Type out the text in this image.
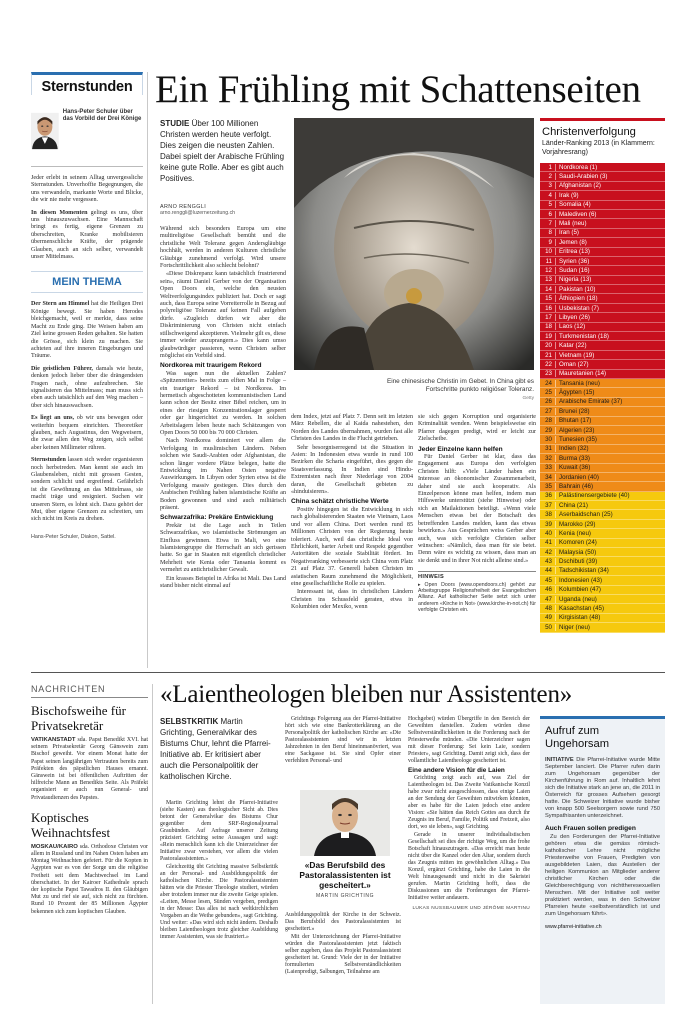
Sternstunden
Hans-Peter Schuler über das Vorbild der Drei Könige

Jeder erlebt in seinem Alltag unvergessliche Sternstunden. Unverhoffte Begegnungen, die uns verwandeln, markante Worte und Blicke, die wir nie mehr vergessen.

In diesen Momenten gelingt es uns, über uns hinauszuwachsen. Eine Mannschaft bringt es fertig, eigene Grenzen zu überschreiten, Kranke mobilisieren übermenschliche Kräfte, der prägende Glauben, auch an sich selber, verwandelt unser Mittelmass.

MEIN THEMA

Der Stern am Himmel hat die Heiligen Drei Könige bewegt. Sie haben Herodes bleichgemacht, weil er merkte, dass seine Macht zu Ende ging. Die Weisen haben am Ziel keine grossen Reden gehalten. Sie hatten die Grösse, sich klein zu machen. Sie achteten auf ihre inneren Eingebungen und Träume.

Die geistlichen Führer, damals wie heute, denken jedoch lieber über die drängendsten Fragen nach, ohne aufzubrechen. Sie signalisieren das Mittelmass; man muss sich eben auch tatsächlich auf den Weg machen – über sich hinauswachsen.

Es liegt an uns, ob wir uns bewegen oder weiterhin bequem einrichten. Theoretiker glauben, nach Augustinus, den Wegweisern, die zwar allen den Weg zeigen, sich selbst aber keinen Millimeter rühren.

Sternstunden lassen sich weder organisieren noch herbeireden. Man kennt sie auch im Glaubensleben, nicht mit grossen Gesten, sondern schlicht und ergreifend. Gefährlich ist die Gewöhnung an das Mittelmass, sie macht träge und resigniert. Suchen wir unseren Stern, es lohnt sich. Dazu gehört der Mut, über eigene Grenzen zu schreiten, um sich nicht im Kreis zu drehen.

Hans-Peter Schuler, Diakon, Sattel.
Ein Frühling mit Schattenseiten
STUDIE Über 100 Millionen Christen werden heute verfolgt. Dies zeigen die neusten Zahlen. Dabei spielt der Arabische Frühling keine gute Rolle. Aber es gibt auch Positives.
ARNO RENGGLI
arno.renggli@luzernerzeitung.ch
Eine chinesische Christin im Gebet. In China gibt es Fortschritte punkto religiöser Toleranz.
Getty

Während sich besonders Europa um eine multireligiöse Gesellschaft bemüht und die christliche Welt Toleranz gegen Andersgläubige hochhält, werden in anderen Kulturen christliche Gläubige zunehmend verfolgt. Wird unsere Fortschrittlichkeit also schlecht belohnt?

«Diese Diskrepanz kann tatsächlich frustrierend sein», räumt Daniel Gerber von der Organisation Open Doors ein, welche den neusten Weltverfolgungsindex publiziert hat. Doch er sagt auch, dass Europa seine Vorreiterrolle in Bezug auf polyreligiöse Toleranz auf keinen Fall aufgeben dürfe. «Zugleich dürfen wir aber die Diskriminierung von Christen nicht einfach stillschweigend akzeptieren. Vielmehr gilt es, diese immer wieder anzuprangern.» Dies kann umso glaubwürdiger passieren, wenn Christen selber möglichst ein Vorbild sind.

Nordkorea mit traurigem Rekord

Was sagen nun die aktuellen Zahlen? «Spitzenreiter» bereits zum elften Mal in Folge – ein trauriger Rekord – ist Nordkorea. Im hermetisch abgeschotteten kommunistischen Land kann schon der Besitz einer Bibel reichen, um in eines der riesigen Konzentrationslager gesperrt oder gar hingerichtet zu werden. In solchen Arbeitslagern leben heute nach Schätzungen von Open Doors 50 000 bis 70 000 Christen.

Nach Nordkorea dominiert vor allem die Verfolgung in muslimischen Ländern. Neben solchen wie Saudi-Arabien oder Afghanistan, die schon länger vordere Plätze belegen, hatte die Entwicklung im Nahen Osten negative Auswirkungen. In Libyen oder Syrien etwa ist die Verfolgung massiv gestiegen. Dies durch den Arabischen Frühling haben islamistische Kräfte an Boden gewonnen und sind auch militärisch präsent.

Schwarzafrika: Prekäre Entwicklung

Prekär ist die Lage auch in Teilen Schwarzafrikas, wo islamistische Strömungen an Einfluss gewinnen. Etwa in Mali, wo eine Islamistengruppe die Herrschaft an sich gerissen hatte. So gar in Staaten mit eigentlich christlicher Mehrheit wie Kenia oder Tansania kommt es vermehrt zu antichristlicher Gewalt.

Ein krasses Beispiel in Afrika ist Mali. Das Land stand bisher nicht einmal auf

dem Index, jetzt auf Platz 7. Denn seit im letzten März Rebellen, die al Kaida nahestehen, den Norden des Landes übernahmen, wurden fast alle Christen des Landes in die Flucht getrieben.

Sehr besorgniserregend ist die Situation in Asien: In Indonesien etwa wurde in rund 100 Bezirken die Scharia eingeführt, dies gegen die Staatsverfassung. In Indien sind Hindu-Extremisten nach ihrer Niederlage von 2004 daran, die Gesellschaft gebieten zu «hinduisieren».

China schätzt christliche Werte

Positiv hingegen ist die Entwicklung in sich nach globalisierenden Staaten wie Vietnam, Laos und vor allem China. Dort werden rund 85 Millionen Christen von der Regierung heute toleriert. Auch, weil das christliche Ideal von Ehrlichkeit, harter Arbeit und Respekt gegenüber Autoritäten die soziale Stabilität fördert. Im Negativranking verbesserte sich China vom Platz 21 auf Platz 37. Generell haben Christen im asiatischen Raum zunehmend die Möglichkeit, eine gesellschaftliche Rolle zu spielen.

Interessant ist, dass in christlichen Ländern Christen ins Schussfeld geraten, etwa in Kolumbien oder Mexiko, wenn

sie sich gegen Korruption und organisierte Kriminalität wenden. Wenn beispielsweise ein Pfarrer dagegen predigt, wird er leicht zur Zielscheibe.

Jeder Einzelne kann helfen

Für Daniel Gerber ist klar, dass das Engagement aus Europa den verfolgten Christen hilft: «Viele Länder haben ein Interesse an ökonomischer Zusammenarbeit, daher sind sie auch kooperativ. Als Einzelperson könne man helfen, indem man Hilfswerke unterstützt (siehe Hinweise) oder sich an Mailaktionen beteiligt. «Wenn viele Menschen etwas bei der Botschaft des betreffenden Landes melden, kann das etwas bewirken.» Aus Gesprächen weiss Gerber aber auch, was sich verfolgte Christen selber wünschen: «Nämlich, dass man für sie betet. Denn wäre es wichtig zu wissen, dass man an sie denkt und in ihrer Not nicht alleine sind.»

HINWEIS
▸ Open Doors (www.opendoors.ch) gehört zur Arbeitsgruppe Religionsfreiheit der Evangelischen Allianz. Auf katholischer Seite setzt sich unter anderem «Kirche in Not» (www.kirche-in-not.ch) für verfolgte Christen ein.
Christenverfolgung
Länder-Ranking 2013 (in Klammern: Vorjahresrang)
1	Nordkorea (1)
2	Saudi-Arabien (3)
3	Afghanistan (2)
4	Irak (9)
5	Somalia (4)
6	Malediven (6)
7	Mali (neu)
8	Iran (5)
9	Jemen (8)
10	Eritrea (13)
11	Syrien (36)
12	Sudan (16)
13	Nigeria (13)
14	Pakistan (10)
15	Äthiopien (18)
16	Usbekistan (7)
17	Libyen (26)
18	Laos (12)
19	Turkmenistan (18)
20	Katar (22)
21	Vietnam (19)
22	Oman (27)
23	Mauretanien (14)
24	Tansania (neu)
25	Ägypten (15)
26	Arabische Emirate (37)
27	Brunei (28)
28	Bhutan (17)
29	Algerien (23)
30	Tunesien (35)
31	Indien (32)
32	Burma (33)
33	Kuwait (36)
34	Jordanien (40)
35	Bahrain (46)
36	Palästinensergebiete (40)
37	China (21)
38	Aserbaidschan (25)
39	Marokko (29)
40	Kenia (neu)
41	Komoren (24)
42	Malaysia (50)
43	Dschibuti (39)
44	Tadschikistan (34)
45	Indonesien (43)
46	Kolumbien (47)
47	Uganda (neu)
48	Kasachstan (45)
49	Kirgisistan (48)
50	Niger (neu)
NACHRICHTEN
Bischofsweihe für Privatsekretär
VATIKANSTADT sda. Papst Benedikt XVI. hat seinem Privatsekretär Georg Gänswein zum Bischof geweiht. Vor einem Monat hatte der Papst seinen langjährigen Vertrauten bereits zum Präfekten des päpstlichen Hauses ernannt. Gänswein ist bei öffentlichen Auftritten der hilfreiche Mann an Benedikts Seite. Als Präfekt organisiert er auch nun General- und Privataudienzen des Papstes.
Koptisches Weihnachtsfest
MOSKAU/KAIRO sda. Orthodoxe Christen vor allem in Russland und im Nahen Osten haben am Montag Weihnachten gefeiert. Für die Kopten in Ägypten war es von der Sorge um die religiöse Freiheit seit dem Machtwechsel im Land überschattet. In der Kairoer Kathedrale sprach der koptische Papst Tawadros II. den Gläubigen Mut zu und rief sie auf, sich nicht zu fürchten. Rund 10 Prozent der 85 Millionen Ägypter bekennen sich zum koptischen Glauben.
«Laientheologen bleiben nur Assistenten»
SELBSTKRITIK Martin Grichting, Generalvikar des Bistums Chur, lehnt die Pfarrei-Initiative ab. Er kritisiert aber auch die Personalpolitik der katholischen Kirche.

Martin Grichting lehnt die Pfarrei-Initiative (siehe Kasten) aus theologischer Sicht ab. Dies betont der Generalvikar des Bistums Chur gegenüber dem SRF-Regionaljournal Graubünden. Auf Anfrage unserer Zeitung präzisiert Grichting seine Aussagen und sagt: «Rein menschlich kann ich die Unterzeichner der Initiative zwar verstehen, vor allem die vielen Pastoralassistenten.»

Gleichzeitig übt Grichting massive Selbstkritik an der Personal- und Ausbildungspolitik der katholischen Kirche. Die Pastoralassistenten hätten wie die Priester Theologie studiert, würden aber trotzdem immer nur die zweite Geige spielen. «Leiten, Messe lesen, Sünden vergeben, predigen in der Messe: Das alles ist nach weltkirchlichen Vorgaben an die Weihe gebunden», sagt Grichting. Und weiter: «Das wird sich nicht ändern. Deshalb bleiben Laientheologen trotz gleicher Ausbildung immer Assistenten, was sie frustriert.»

Grichtings Folgerung aus der Pfarrei-Initiative hört sich wie eine Bankrotterklärung an die Personalpolitik der katholischen Kirche an: «Die Pastoralassistenten sind wir in letzten Jahrzehnten in den Beruf hineinmanövriert, was eine Sackgasse ist. Sie sind Opfer einer verfehlten Personal- und

«Das Berufsbild des Pastoralassistenten ist gescheitert.»
MARTIN GRICHTING

Ausbildungspolitik der Kirche in der Schweiz. Das Berufsbild des Pastoralassistenten ist gescheitert.»

Mit der Unterzeichnung der Pfarrei-Initiative würden die Pastoralassistenten jetzt faktisch selber zugeben, dass das Projekt Pastoralassistent gescheitert ist. Grund: Viele der in der Initiative formulierten Selbstverständlichkeiten (Laienpredigt, Salbungen, Teilnahme am

Hochgebet) würden Übergriffe in den Bereich der Geweihten darstellen. Zudem würden diese Selbstverständlichkeiten in die Forderung nach der Priesterweihe münden. «Die Unterzeichner sagen mit dieser Forderung: Sei kein Laie, sondern Priester», sagt Grichting. Damit zeigt sich, dass der vollamtliche Laientheologe gescheitert ist.

Eine andere Vision für die Laien

Grichting zeigt auch auf, was Ziel der Laientheologen ist. Das Zweite Vatikanische Konzil habe zwar nicht ausgeschlossen, dass einige Laien an der Sendung der Geweihten mitwirken könnten, aber es habe für die Laien jedoch eine andere Vision: «Sie hätten das Reich Gottes aus durch ihr Zeugnis im Beruf, Familie, Politik und Freizeit, also dort, wo sie leben», sagt Grichting.

Gerade in unserer individualistischen Gesellschaft sei dies der richtige Weg, um die frohe Botschaft hinauszutragen. «Das erreicht man heute nicht über die Kanzel oder den Altar, sondern durch das Zeugnis mitten im gewöhnlichen Alltag.» Das Konzil, ergänzt Grichting, habe die Laien in die Welt hinausgesandt und nicht in die Sakristei gerufen. Martin Grichting hofft, dass die Diskussionen um die Forderungen der Pfarrei-Initiative weiter andauern.

LUKAS NUSSBAUMER UND JÉRÔME MARTINU
Aufruf zum Ungehorsam
INITIATIVE Die Pfarrei-Initiative wurde Mitte September lanciert. Die Pfarrer rufen darin zum Ungehorsam gegenüber der Kirchenführung in Rom auf. Inhaltlich lehnt sich die Initiative stark an jene an, die 2011 in Österreich für grosses Aufsehen gesorgt hatte. Die Schweizer Initiative wurde bisher von knapp 500 Seelsorgern sowie rund 750 Sympathisanten unterzeichnet.
Auch Frauen sollen predigen
Zu den Forderungen der Pfarrei-Initiative gehören etwa die gemäss römisch-katholischer Lehre nicht mögliche Priesterweihe von Frauen, Predigten von ausgebildeten Laien, das Austeilen der heiligen Kommunion an Mitglieder anderer christlicher Kirchen oder die Gleichberechtigung von nichttheresexuellen Menschen. Mit der Initiative soll weiter praktiziert werden, was in den Schweizer Pfarreien heute «selbstverständlich ist und zum Ungehorsam führt».
www.pfarrei-initiative.ch
